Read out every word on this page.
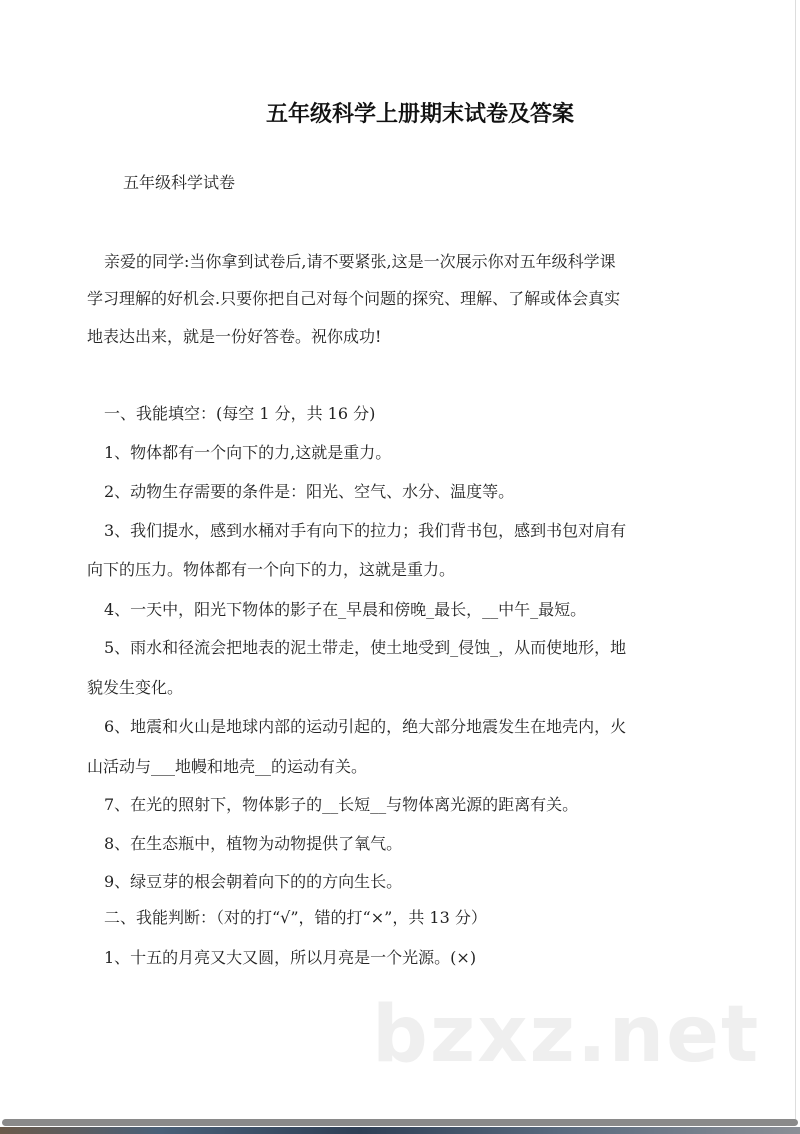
五年级科学上册期末试卷及答案
五年级科学试卷
亲爱的同学:当你拿到试卷后,请不要紧张,这是一次展示你对五年级科学课
学习理解的好机会.只要你把自己对每个问题的探究、理解、了解或体会真实
地表达出来，就是一份好答卷。祝你成功!
一、我能填空：(每空 1 分，共 16 分)
1、物体都有一个向下的力,这就是重力。
2、动物生存需要的条件是：阳光、空气、水分、温度等。
3、我们提水，感到水桶对手有向下的拉力；我们背书包，感到书包对肩有
向下的压力。物体都有一个向下的力，这就是重力。
4、一天中，阳光下物体的影子在_早晨和傍晚_最长，__中午_最短。
5、雨水和径流会把地表的泥土带走，使土地受到_侵蚀_，从而使地形，地
貌发生变化。
6、地震和火山是地球内部的运动引起的，绝大部分地震发生在地壳内，火
山活动与___地幔和地壳__的运动有关。
7、在光的照射下，物体影子的__长短__与物体离光源的距离有关。
8、在生态瓶中，植物为动物提供了氧气。
9、绿豆芽的根会朝着向下的的方向生长。
二、我能判断：（对的打“√”，错的打“×”，共 13 分）
1、十五的月亮又大又圆，所以月亮是一个光源。(×)
bzxz.net
